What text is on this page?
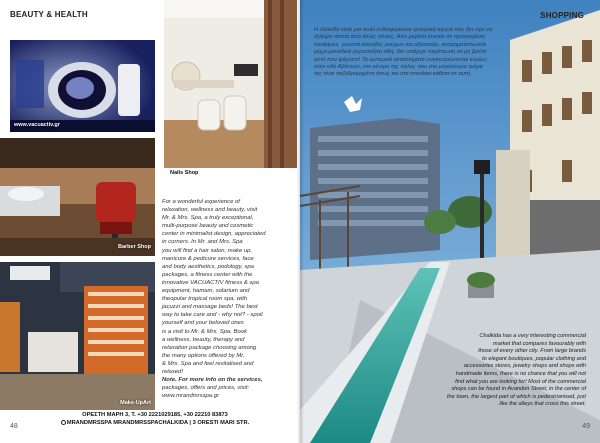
BEAUTY & HEALTH
www.vacuactiv.gr
Nails Shop
Barber Shop
Make-UpArt
For a wonderful experience of
relaxation, wellness and beauty, visit
Mr. & Mrs. Spa, a truly exceptional,
multi-purpose beauty and cosmetic
center in minimalist design, appreciated
in corners. In Mr. and Mrs. Spa
you will find a hair salon, make up,
manicure & pedicure services, face
and body aesthetics, podology, spa
packages, a fitness center with the
innovative VACUACTIV fitness & spa
equipment, hamam, solarium and
theopular tropical room spa, with
jacuzzi and massage beds! The best
way to take care and - why not? - spoil
yourself and your beloved ones
is a visit to Mr. & Mrs. Spa. Book
a wellness, beauty, therapy and
relaxation package choosing among
the many options offered by Mr.
& Mrs. Spa and feel revitalised and
relaxed!
Note. For more info on the services,
packages, offers and prices, visit:
www.mrandmrsspa.gr
ΟΡΕΣΤΗ ΜΑΡΗ 3, T. +30 2221029185, +30 22210 83873
MRANDMRSSPA MRANDMRSSPACHALKIDA | 3 ORESTI MARI STR.
48
SHOPPING
Η Χαλκίδα είναι μια πολύ ενδιαφέρουσα εμπορική αγορά που δεν έχει να
ζηλέψει τίποτα από άλλες πόλεις. Από μεγάλα brands σε προσεγμένες
boutiques, γνωστά αλυσίδες ρούχων και αξεσουάρ, κοσμηματοπωλεία
μέχρι μοναδικά χειροποίητα είδη, δεν υπάρχει περίπτωση να μη βρείτε
αυτό που ψάχνετε! Τα εμπορικά καταστήματα συγκεντρώνονται κυρίως
στην οδό Αβάντων, στο κέντρο της πόλης που στο μεγαλύτερο τμήμα
της είναι πεζόδρομημένη όπως και στα στενάκια κάθετα σε αυτή.
Chalkida has a very interesting commercial
market that compares favourably with
those of every other city. From large brands
to elegant boutiques, popular clothing and
accessories stores, jewelry shops and shops with
handmade items, there is no chance that you will not
find what you are looking for! Most of the commercial
shops can be found in Avandon Street, in the center of
the town, the largest part of which is pedestrianised, just
like the alleys that cross this street.
49
